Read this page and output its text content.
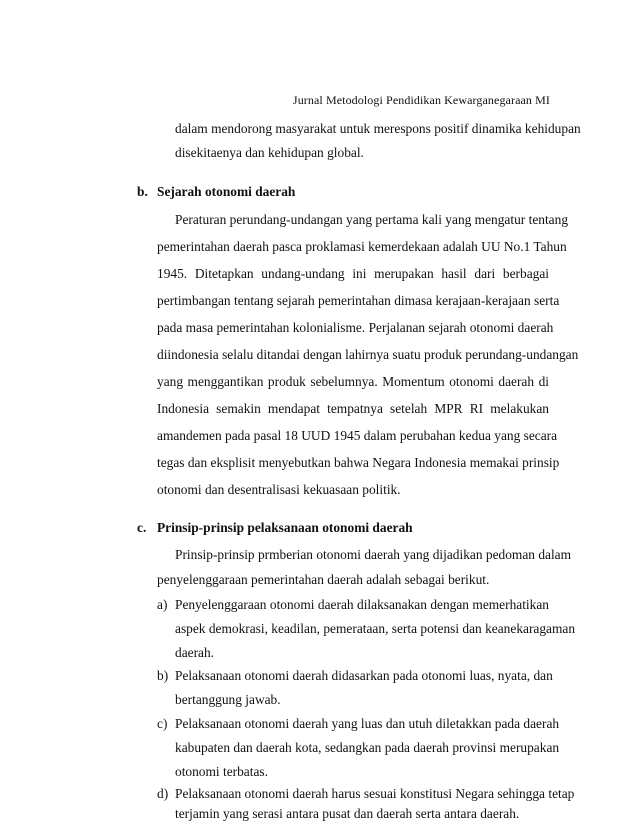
Jurnal Metodologi Pendidikan Kewarganegaraan MI
dalam mendorong masyarakat untuk merespons positif dinamika kehidupan
disekitaenya dan kehidupan global.
b. Sejarah otonomi daerah
Peraturan perundang-undangan yang pertama kali yang mengatur tentang
pemerintahan daerah pasca proklamasi kemerdekaan adalah UU No.1 Tahun
1945. Ditetapkan undang-undang ini merupakan hasil dari berbagai
pertimbangan tentang sejarah pemerintahan dimasa kerajaan-kerajaan serta
pada masa pemerintahan kolonialisme. Perjalanan sejarah otonomi daerah
diindonesia selalu ditandai dengan lahirnya suatu produk perundang-undangan
yang menggantikan produk sebelumnya. Momentum otonomi daerah di
Indonesia semakin mendapat tempatnya setelah MPR RI melakukan
amandemen pada pasal 18 UUD 1945 dalam perubahan kedua yang secara
tegas dan eksplisit menyebutkan bahwa Negara Indonesia memakai prinsip
otonomi dan desentralisasi kekuasaan politik.
c. Prinsip-prinsip pelaksanaan otonomi daerah
Prinsip-prinsip prmberian otonomi daerah yang dijadikan pedoman dalam
penyelenggaraan pemerintahan daerah adalah sebagai berikut.
a) Penyelenggaraan otonomi daerah dilaksanakan dengan memerhatikan
aspek demokrasi, keadilan, pemerataan, serta potensi dan keanekaragaman
daerah.
b) Pelaksanaan otonomi daerah didasarkan pada otonomi luas, nyata, dan
bertanggung jawab.
c) Pelaksanaan otonomi daerah yang luas dan utuh diletakkan pada daerah
kabupaten dan daerah kota, sedangkan pada daerah provinsi merupakan
otonomi terbatas.
d) Pelaksanaan otonomi daerah harus sesuai konstitusi Negara sehingga tetap
terjamin yang serasi antara pusat dan daerah serta antara daerah.
